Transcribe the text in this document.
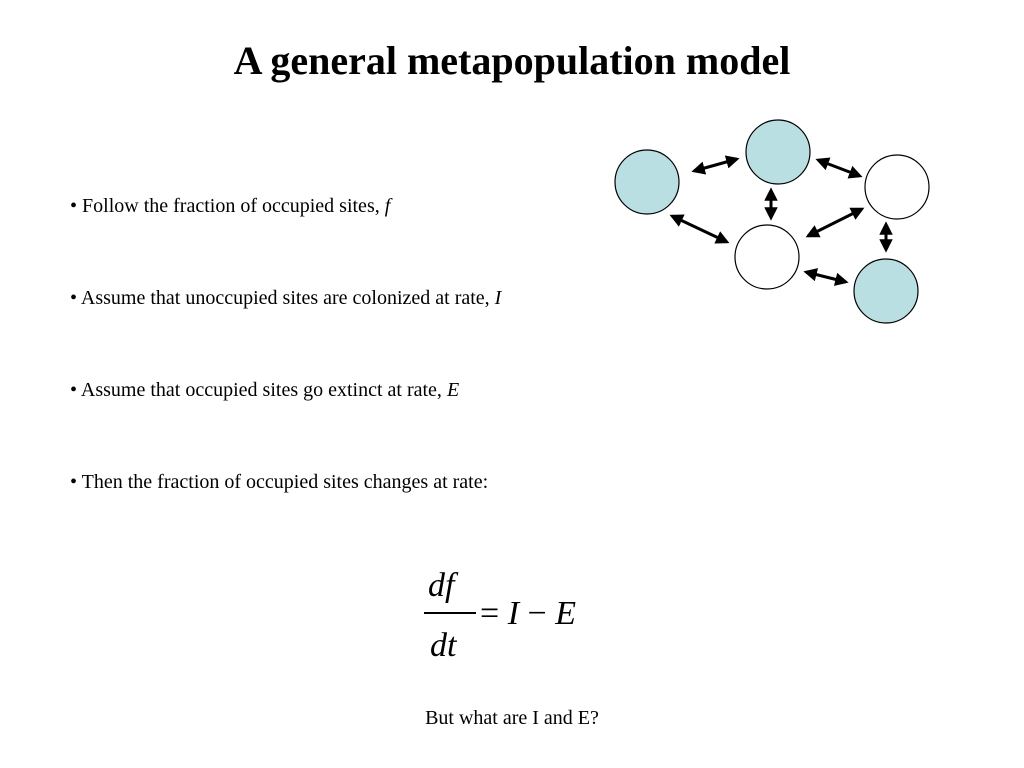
A general metapopulation model
• Follow the fraction of occupied sites, f
• Assume that unoccupied sites are colonized at rate, I
• Assume that occupied sites go extinct at rate, E
• Then the fraction of occupied sites changes at rate:
df
dt
= I − E
But what are I and E?
